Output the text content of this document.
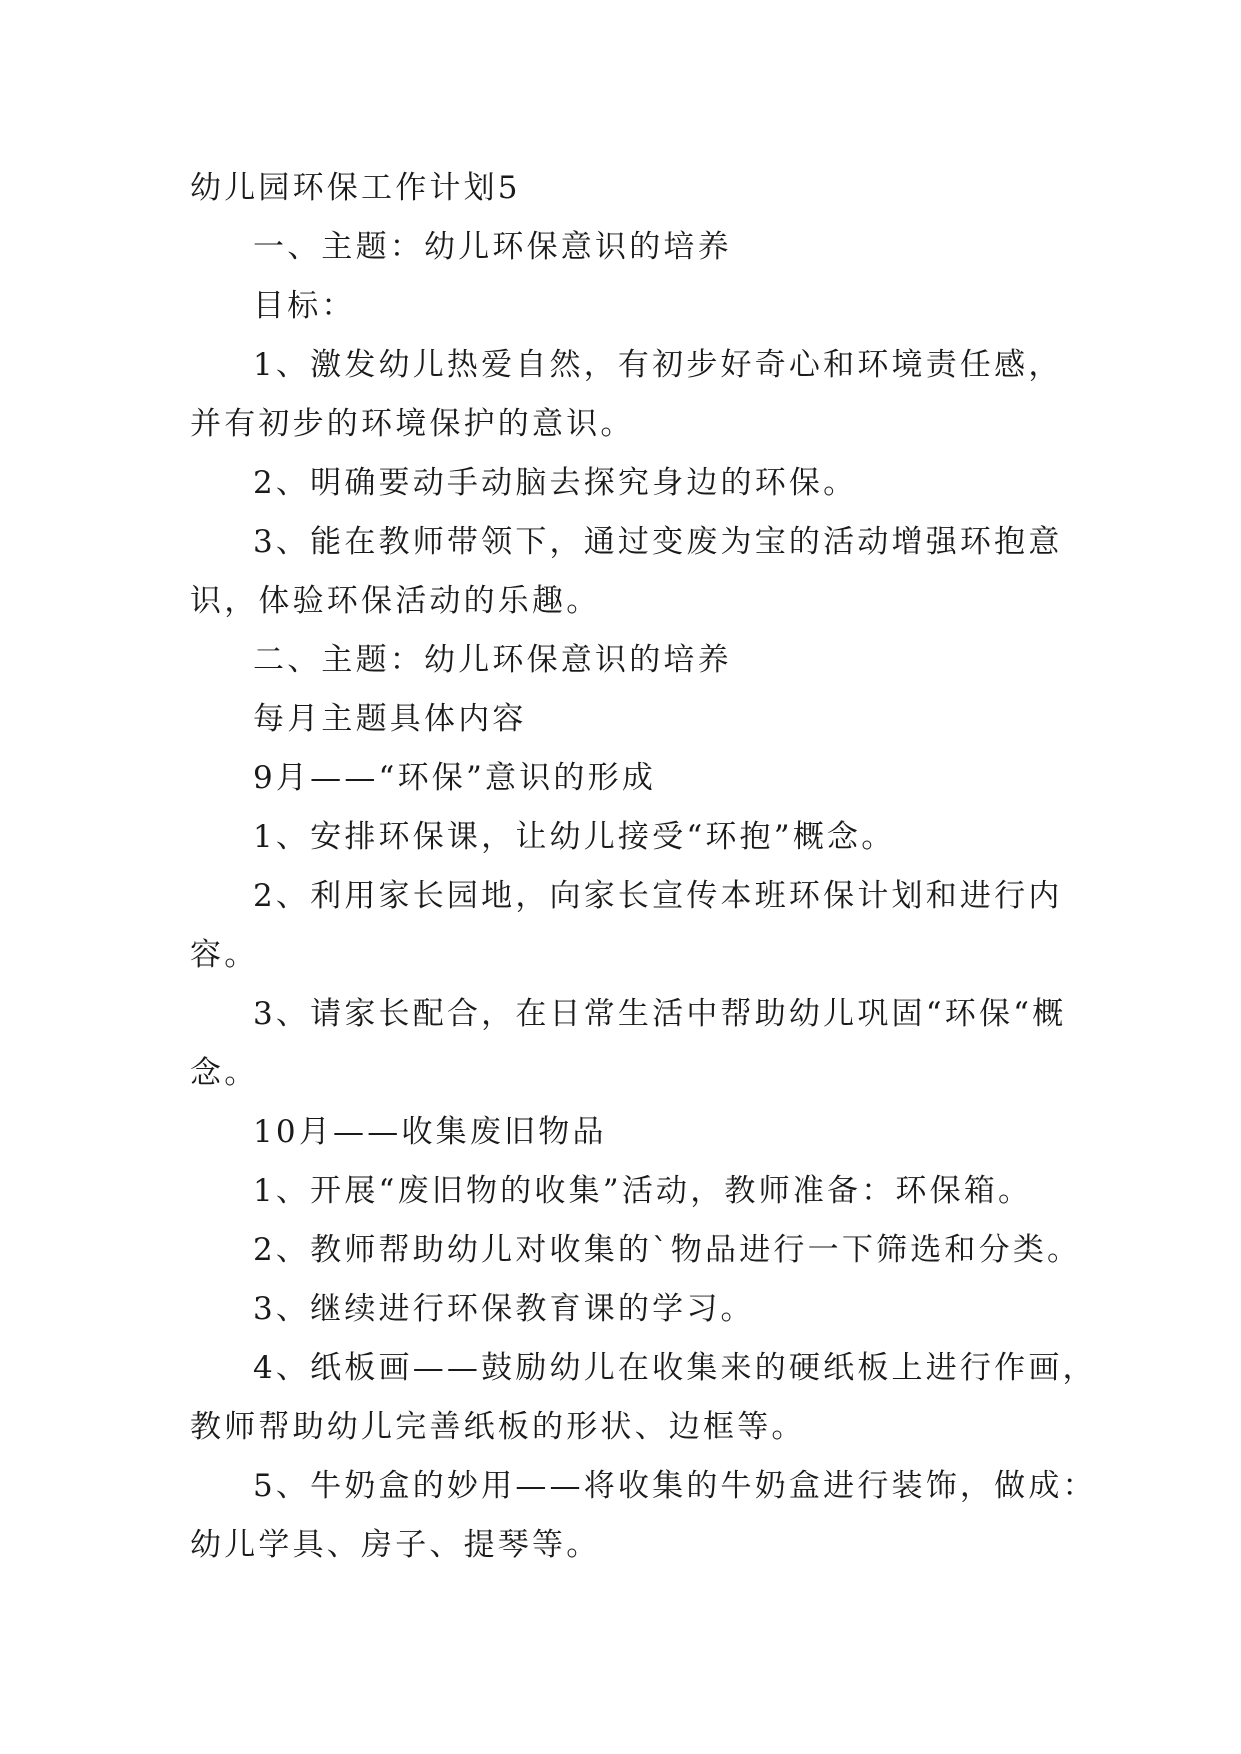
幼儿园环保工作计划5
一、主题：幼儿环保意识的培养
目标：
1、激发幼儿热爱自然，有初步好奇心和环境责任感，
并有初步的环境保护的意识。
2、明确要动手动脑去探究身边的环保。
3、能在教师带领下，通过变废为宝的活动增强环抱意
识，体验环保活动的乐趣。
二、主题：幼儿环保意识的培养
每月主题具体内容
9月——“环保”意识的形成
1、安排环保课，让幼儿接受“环抱”概念。
2、利用家长园地，向家长宣传本班环保计划和进行内
容。
3、请家长配合，在日常生活中帮助幼儿巩固“环保“概
念。
10月——收集废旧物品
1、开展“废旧物的收集”活动，教师准备：环保箱。
2、教师帮助幼儿对收集的`物品进行一下筛选和分类。
3、继续进行环保教育课的学习。
4、纸板画——鼓励幼儿在收集来的硬纸板上进行作画，
教师帮助幼儿完善纸板的形状、边框等。
5、牛奶盒的妙用——将收集的牛奶盒进行装饰，做成：
幼儿学具、房子、提琴等。
